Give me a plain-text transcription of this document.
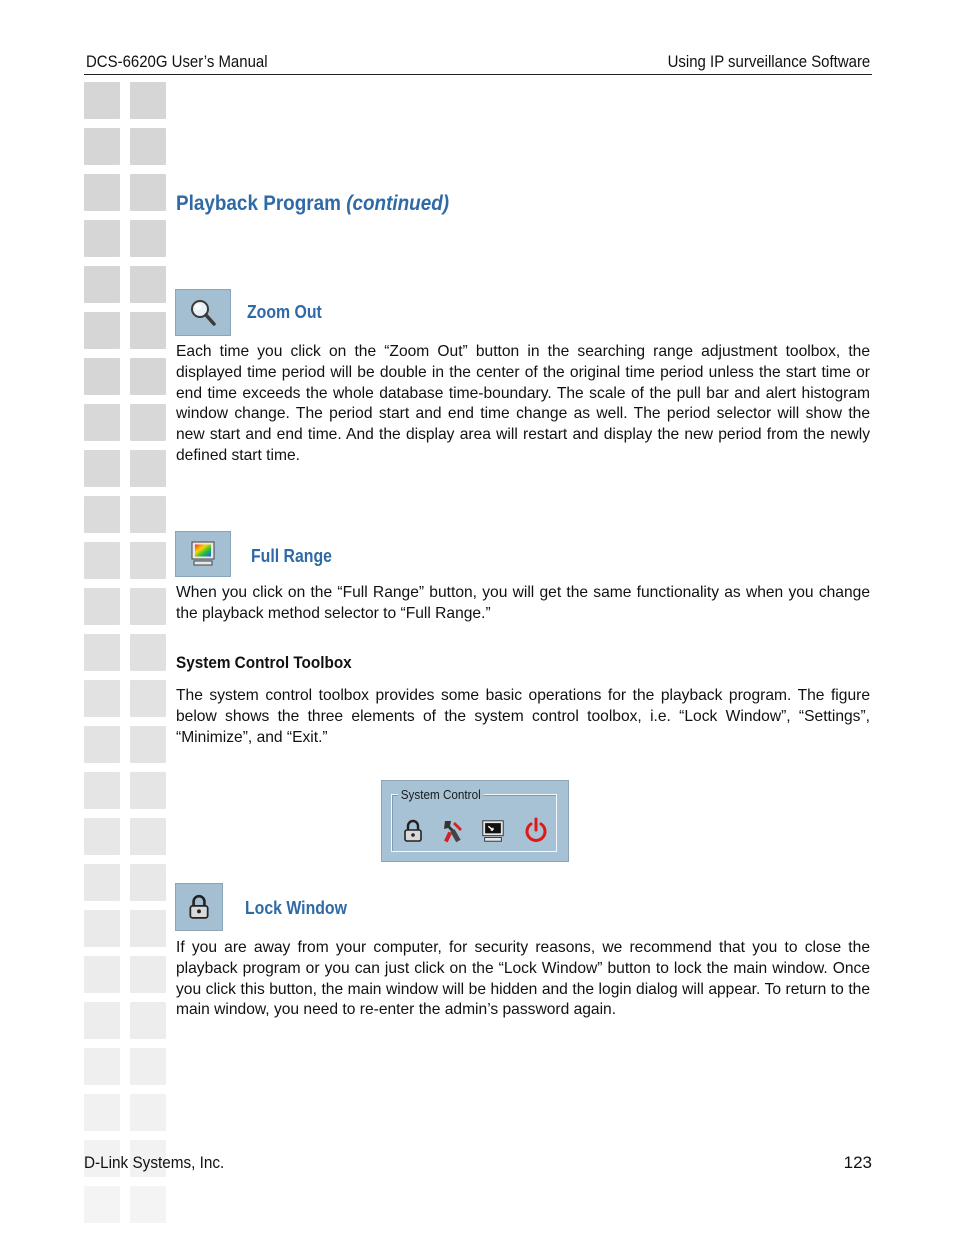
DCS-6620G User’s Manual	Using IP surveillance Software
Playback Program (continued)
Zoom Out

Each time you click on the “Zoom Out” button in the searching range adjustment toolbox, the displayed time period will be double in the center of the original time period unless the start time or end time exceeds the whole database time-boundary. The scale of the pull bar and alert histogram window change. The period start and end time change as well. The period selector will show the new start and end time. And the display area will restart and display the new period from the newly defined start time.

Full Range

When you click on the “Full Range” button, you will get the same functionality as when you change the playback method selector to “Full Range.”

System Control Toolbox

The system control toolbox provides some basic operations for the playback program. The figure below shows the three elements of the system control toolbox, i.e. “Lock Window”, “Settings”, “Minimize”, and “Exit.”

System Control
Lock Window

If you are away from your computer, for security reasons, we recommend that you to close the playback program or you can just click on the “Lock Window” button to lock the main window. Once you click this button, the main window will be hidden and the login dialog will appear. To return to the main window, you need to re-enter the admin’s password again.

D-Link Systems, Inc.	123
